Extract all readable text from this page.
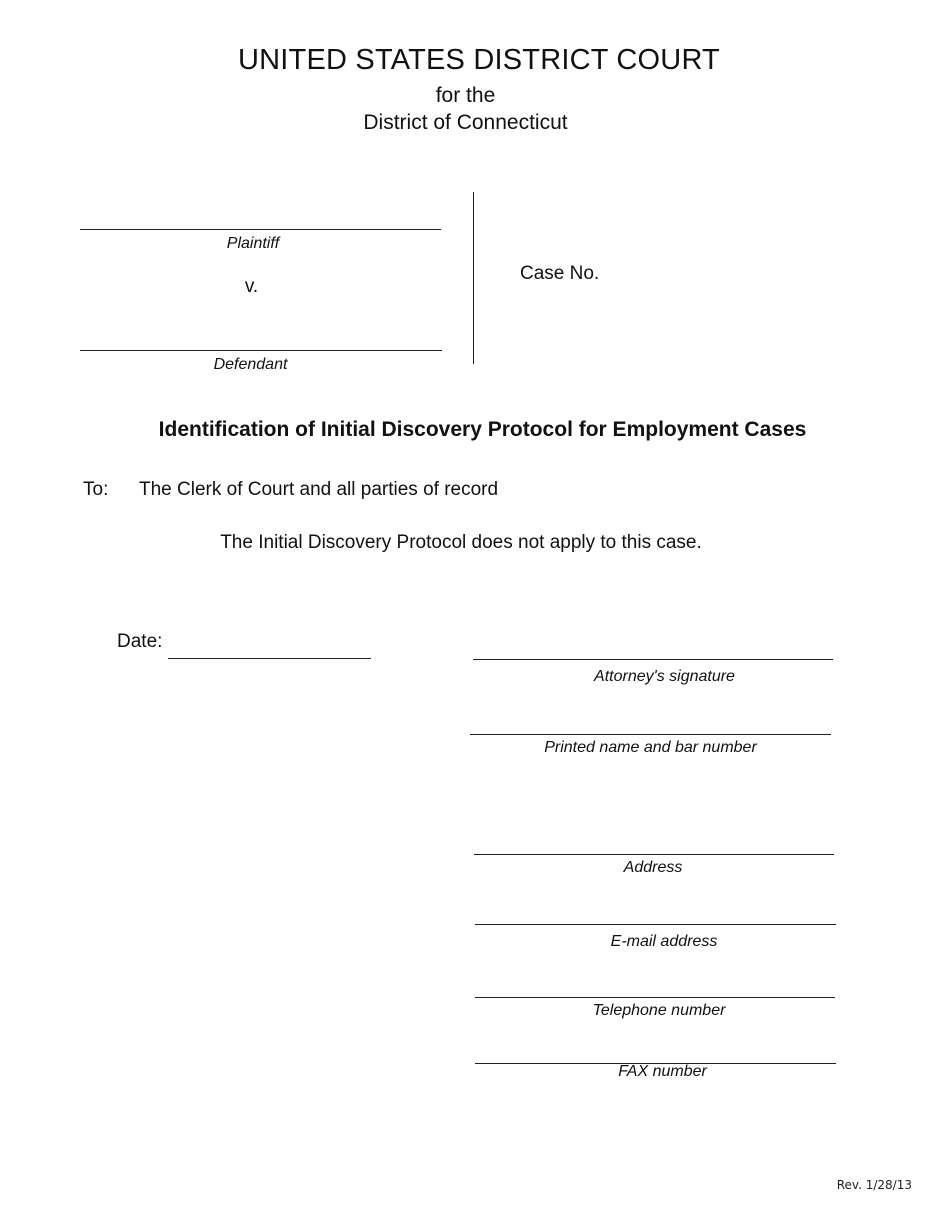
UNITED STATES DISTRICT COURT
for the
District of Connecticut
Plaintiff
v.
Defendant
Case No.
Identification of Initial Discovery Protocol for Employment Cases
To: The Clerk of Court and all parties of record
The Initial Discovery Protocol does not apply to this case.
Date:
Attorney's signature
Printed name and bar number
Address
E-mail address
Telephone number
FAX number
Rev. 1/28/13
